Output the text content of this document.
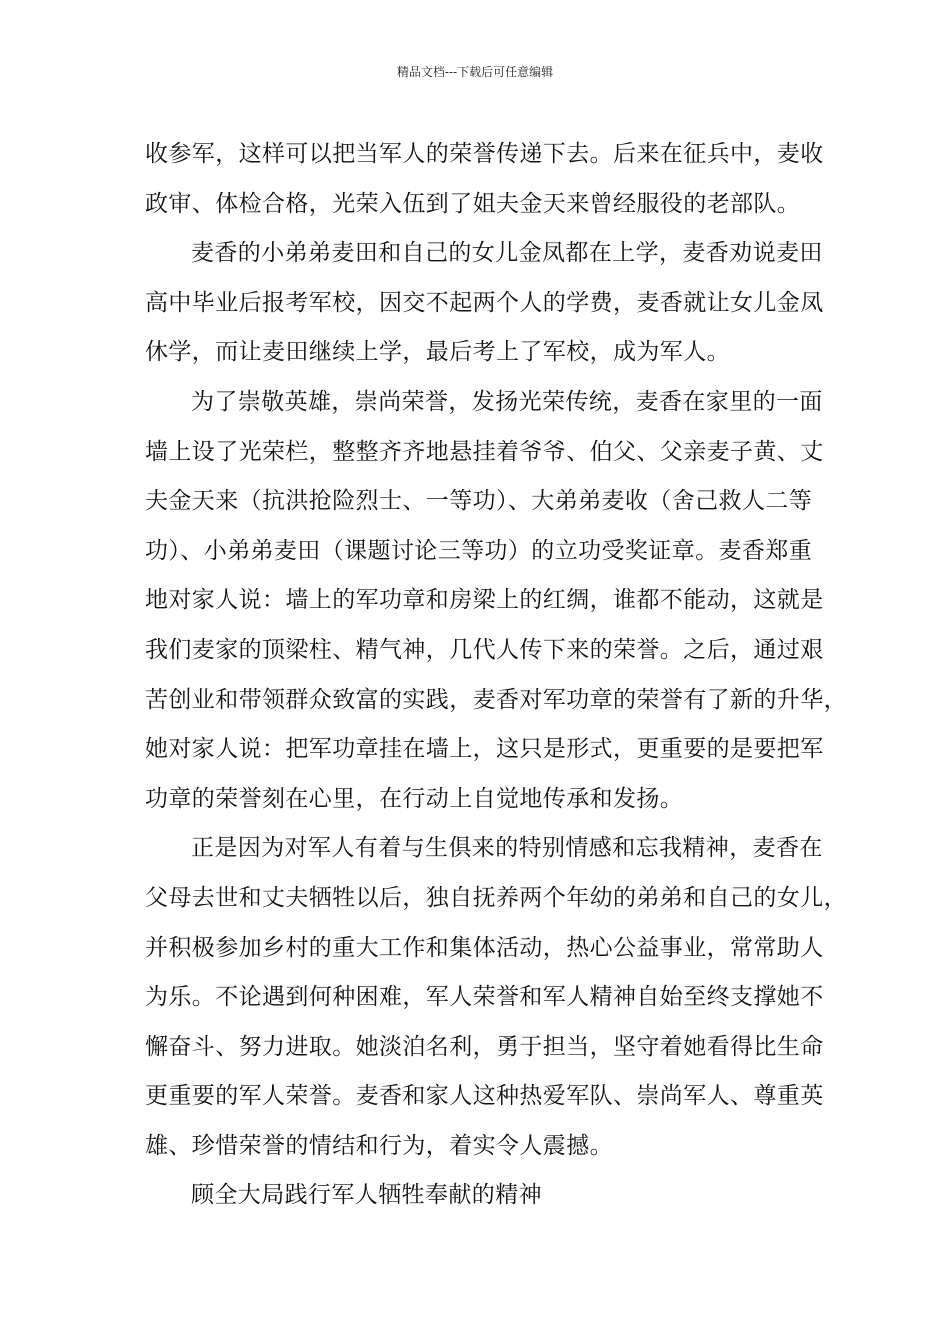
精品文档---下载后可任意编辑
收参军，这样可以把当军人的荣誉传递下去。后来在征兵中，麦收
政审、体检合格，光荣入伍到了姐夫金天来曾经服役的老部队。
麦香的小弟弟麦田和自己的女儿金凤都在上学，麦香劝说麦田
高中毕业后报考军校，因交不起两个人的学费，麦香就让女儿金凤
休学，而让麦田继续上学，最后考上了军校，成为军人。
为了崇敬英雄，崇尚荣誉，发扬光荣传统，麦香在家里的一面
墙上设了光荣栏，整整齐齐地悬挂着爷爷、伯父、父亲麦子黄、丈
夫金天来（抗洪抢险烈士、一等功）、大弟弟麦收（舍己救人二等
功）、小弟弟麦田（课题讨论三等功）的立功受奖证章。麦香郑重
地对家人说：墙上的军功章和房梁上的红绸，谁都不能动，这就是
我们麦家的顶梁柱、精气神，几代人传下来的荣誉。之后，通过艰
苦创业和带领群众致富的实践，麦香对军功章的荣誉有了新的升华，
她对家人说：把军功章挂在墙上，这只是形式，更重要的是要把军
功章的荣誉刻在心里，在行动上自觉地传承和发扬。
正是因为对军人有着与生俱来的特别情感和忘我精神，麦香在
父母去世和丈夫牺牲以后，独自抚养两个年幼的弟弟和自己的女儿，
并积极参加乡村的重大工作和集体活动，热心公益事业，常常助人
为乐。不论遇到何种困难，军人荣誉和军人精神自始至终支撑她不
懈奋斗、努力进取。她淡泊名利，勇于担当，坚守着她看得比生命
更重要的军人荣誉。麦香和家人这种热爱军队、崇尚军人、尊重英
雄、珍惜荣誉的情结和行为，着实令人震撼。
顾全大局践行军人牺牲奉献的精神
